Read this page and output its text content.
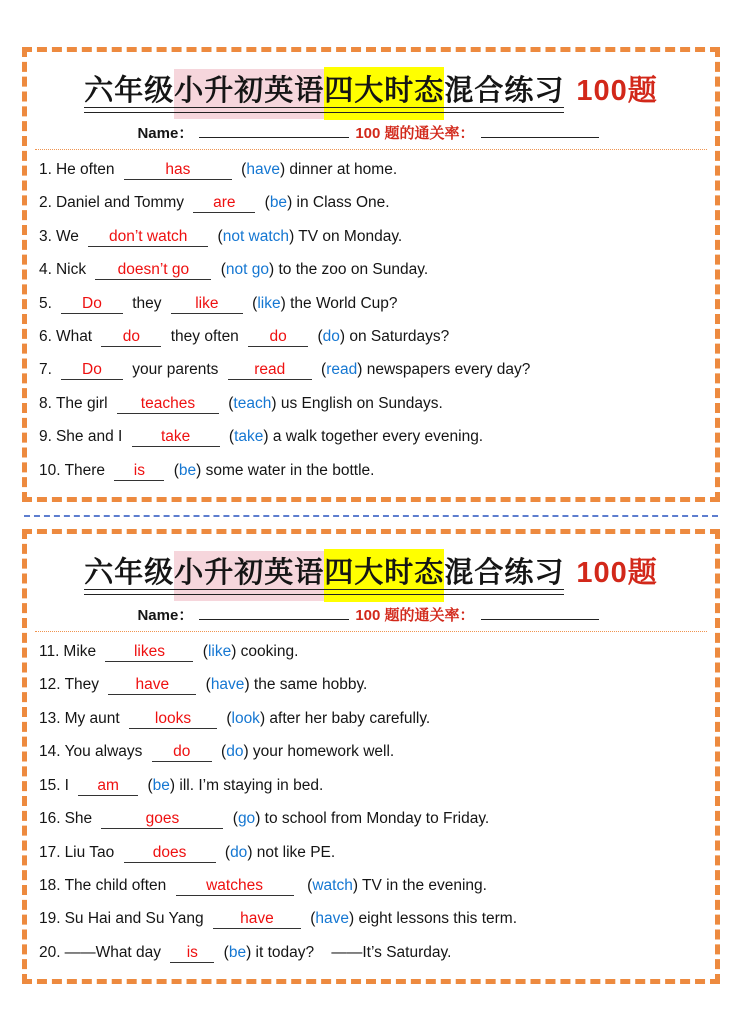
六年级小升初英语四大时态混合练习 100题
Name：	100 题的通关率：
1. He often	has	(have) dinner at home.
2. Daniel and Tommy are (be) in Class One.
3. We don’t watch (not watch) TV on Monday.
4. Nick doesn’t go (not go) to the zoo on Sunday.
5. Do they like (like) the World Cup?
6. What do they often do (do) on Saturdays?
7. Do your parents read (read) newspapers every day?
8. The girl teaches (teach) us English on Sundays.
9. She and I take (take) a walk together every evening.
10. There is (be) some water in the bottle.
六年级小升初英语四大时态混合练习 100题
Name：	100 题的通关率：
11. Mike likes (like) cooking.
12. They have (have) the same hobby.
13. My aunt looks (look) after her baby carefully.
14. You always do (do) your homework well.
15. I am (be) ill. I’m staying in bed.
16. She	goes	(go) to school from Monday to Friday.
17. Liu Tao does (do) not like PE.
18. The child often watches	(watch) TV in the evening.
19. Su Hai and Su Yang have (have) eight lessons this term.
20. ——What day is (be) it today?    ——It’s Saturday.
